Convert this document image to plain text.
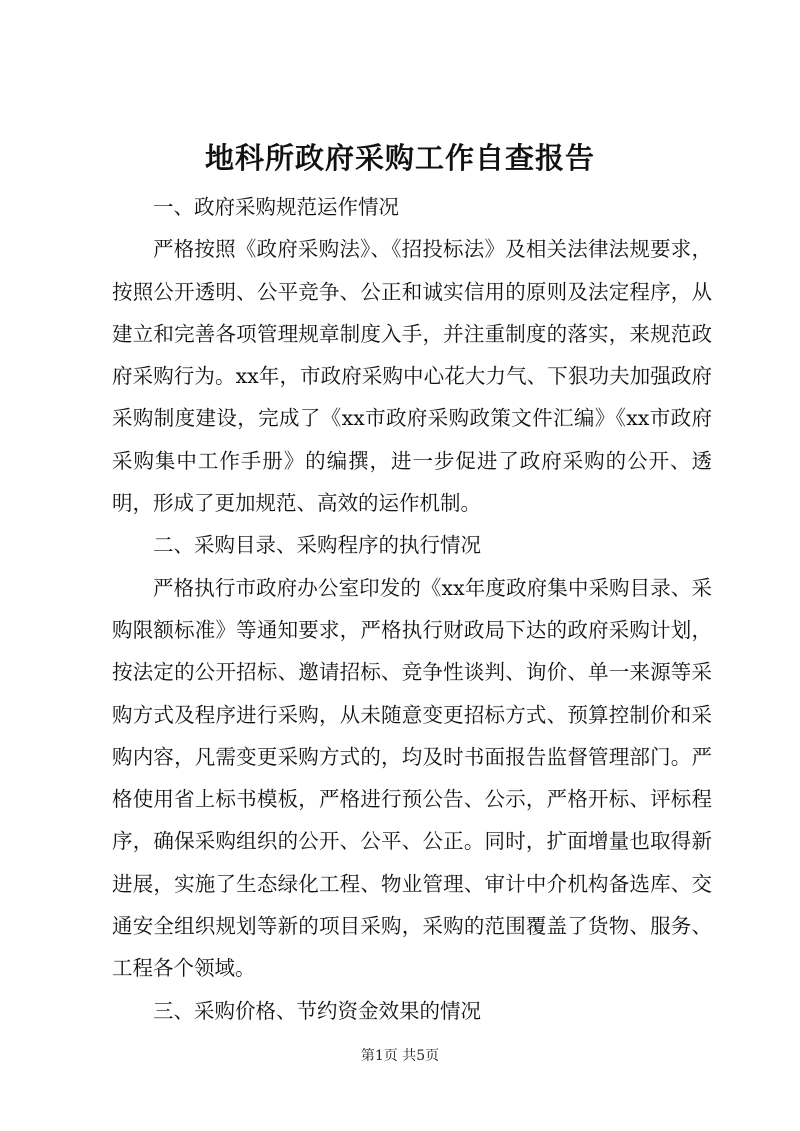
地科所政府采购工作自查报告

一、政府采购规范运作情况

严格按照《政府采购法》、《招投标法》及相关法律法规要求，按照公开透明、公平竞争、公正和诚实信用的原则及法定程序，从建立和完善各项管理规章制度入手，并注重制度的落实，来规范政府采购行为。xx年，市政府采购中心花大力气、下狠功夫加强政府采购制度建设，完成了《xx市政府采购政策文件汇编》《xx市政府采购集中工作手册》的编撰，进一步促进了政府采购的公开、透明，形成了更加规范、高效的运作机制。

二、采购目录、采购程序的执行情况

严格执行市政府办公室印发的《xx年度政府集中采购目录、采购限额标准》等通知要求，严格执行财政局下达的政府采购计划，按法定的公开招标、邀请招标、竞争性谈判、询价、单一来源等采购方式及程序进行采购，从未随意变更招标方式、预算控制价和采购内容，凡需变更采购方式的，均及时书面报告监督管理部门。严格使用省上标书模板，严格进行预公告、公示，严格开标、评标程序，确保采购组织的公开、公平、公正。同时，扩面增量也取得新进展，实施了生态绿化工程、物业管理、审计中介机构备选库、交通安全组织规划等新的项目采购，采购的范围覆盖了货物、服务、工程各个领域。

三、采购价格、节约资金效果的情况

第1页 共5页
